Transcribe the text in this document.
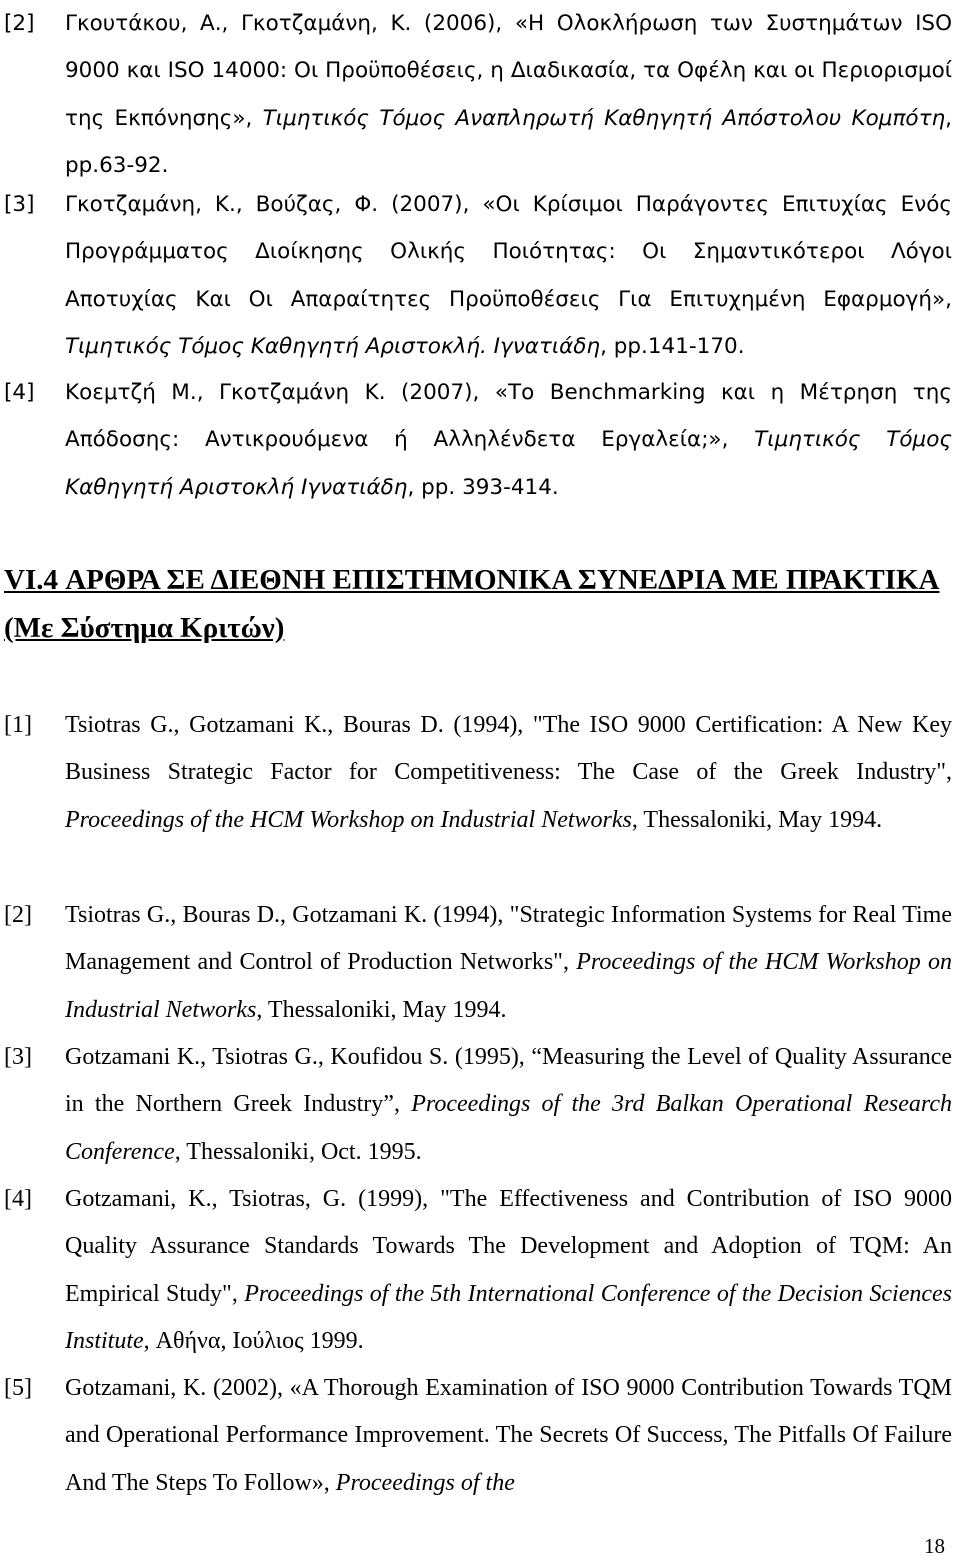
[2] Γκουτάκου, Α., Γκοτζαμάνη, Κ. (2006), «Η Ολοκλήρωση των Συστημάτων ISO 9000 και ISO 14000: Οι Προϋποθέσεις, η Διαδικασία, τα Οφέλη και οι Περιορισμοί της Εκπόνησης», Τιμητικός Τόμος Αναπληρωτή Καθηγητή Απόστολου Κομπότη, pp.63-92.
[3] Γκοτζαμάνη, Κ., Βούζας, Φ. (2007), «Οι Κρίσιμοι Παράγοντες Επιτυχίας Ενός Προγράμματος Διοίκησης Ολικής Ποιότητας: Οι Σημαντικότεροι Λόγοι Αποτυχίας Και Οι Απαραίτητες Προϋποθέσεις Για Επιτυχημένη Εφαρμογή», Τιμητικός Τόμος Καθηγητή Αριστοκλή. Ιγνατιάδη, pp.141-170.
[4] Κοεμτζή Μ., Γκοτζαμάνη Κ. (2007), «Το Benchmarking και η Μέτρηση της Απόδοσης: Αντικρουόμενα ή Αλληλένδετα Εργαλεία;», Τιμητικός Τόμος Καθηγητή Αριστοκλή Ιγνατιάδη, pp. 393-414.
VI.4 ΑΡΘΡΑ ΣΕ ΔΙΕΘΝΗ ΕΠΙΣΤΗΜΟΝΙΚΑ ΣΥΝΕΔΡΙΑ ΜΕ ΠΡΑΚΤΙΚΑ (Με Σύστημα Κριτών)
[1] Tsiotras G., Gotzamani K., Bouras D. (1994), "The ISO 9000 Certification: A New Key Business Strategic Factor for Competitiveness: The Case of the Greek Industry", Proceedings of the HCM Workshop on Industrial Networks, Thessaloniki, May 1994.
[2] Tsiotras G., Bouras D., Gotzamani K. (1994), "Strategic Information Systems for Real Time Management and Control of Production Networks", Proceedings of the HCM Workshop on Industrial Networks, Thessaloniki, May 1994.
[3] Gotzamani K., Tsiotras G., Koufidou S. (1995), “Measuring the Level of Quality Assurance in the Northern Greek Industry”, Proceedings of the 3rd Balkan Operational Research Conference, Thessaloniki, Oct. 1995.
[4] Gotzamani, K., Tsiotras, G. (1999), "The Effectiveness and Contribution of ISO 9000 Quality Assurance Standards Towards The Development and Adoption of TQM: An Empirical Study", Proceedings of the 5th International Conference of the Decision Sciences Institute, Αθήνα, Ιούλιος 1999.
[5] Gotzamani, K. (2002), «A Thorough Examination of ISO 9000 Contribution Towards TQM and Operational Performance Improvement. The Secrets Of Success, The Pitfalls Of Failure And The Steps To Follow», Proceedings of the
18
